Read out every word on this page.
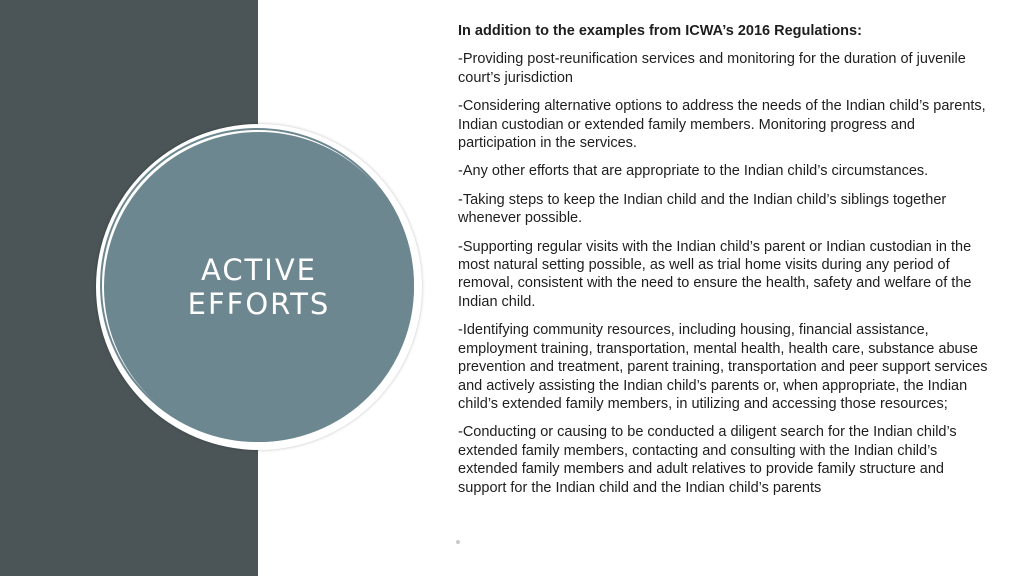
ACTIVE
EFFORTS

In addition to the examples from ICWA’s 2016 Regulations:

-Providing post-reunification services and monitoring for the duration of juvenile court’s jurisdiction

-Considering alternative options to address the needs of the Indian child’s parents, Indian custodian or extended family members. Monitoring progress and participation in the services.

-Any other efforts that are appropriate to the Indian child’s circumstances.

-Taking steps to keep the Indian child and the Indian child’s siblings together whenever possible.

-Supporting regular visits with the Indian child’s parent or Indian custodian in the most natural setting possible, as well as trial home visits during any period of removal, consistent with the need to ensure the health, safety and welfare of the Indian child.

-Identifying community resources, including housing, financial assistance, employment training, transportation, mental health, health care, substance abuse prevention and treatment, parent training, transportation and peer support services and actively assisting the Indian child’s parents or, when appropriate, the Indian child’s extended family members, in utilizing and accessing those resources;

-Conducting or causing to be conducted a diligent search for the Indian child’s extended family members, contacting and consulting with the Indian child’s extended family members and adult relatives to provide family structure and support for the Indian child and the Indian child’s parents
